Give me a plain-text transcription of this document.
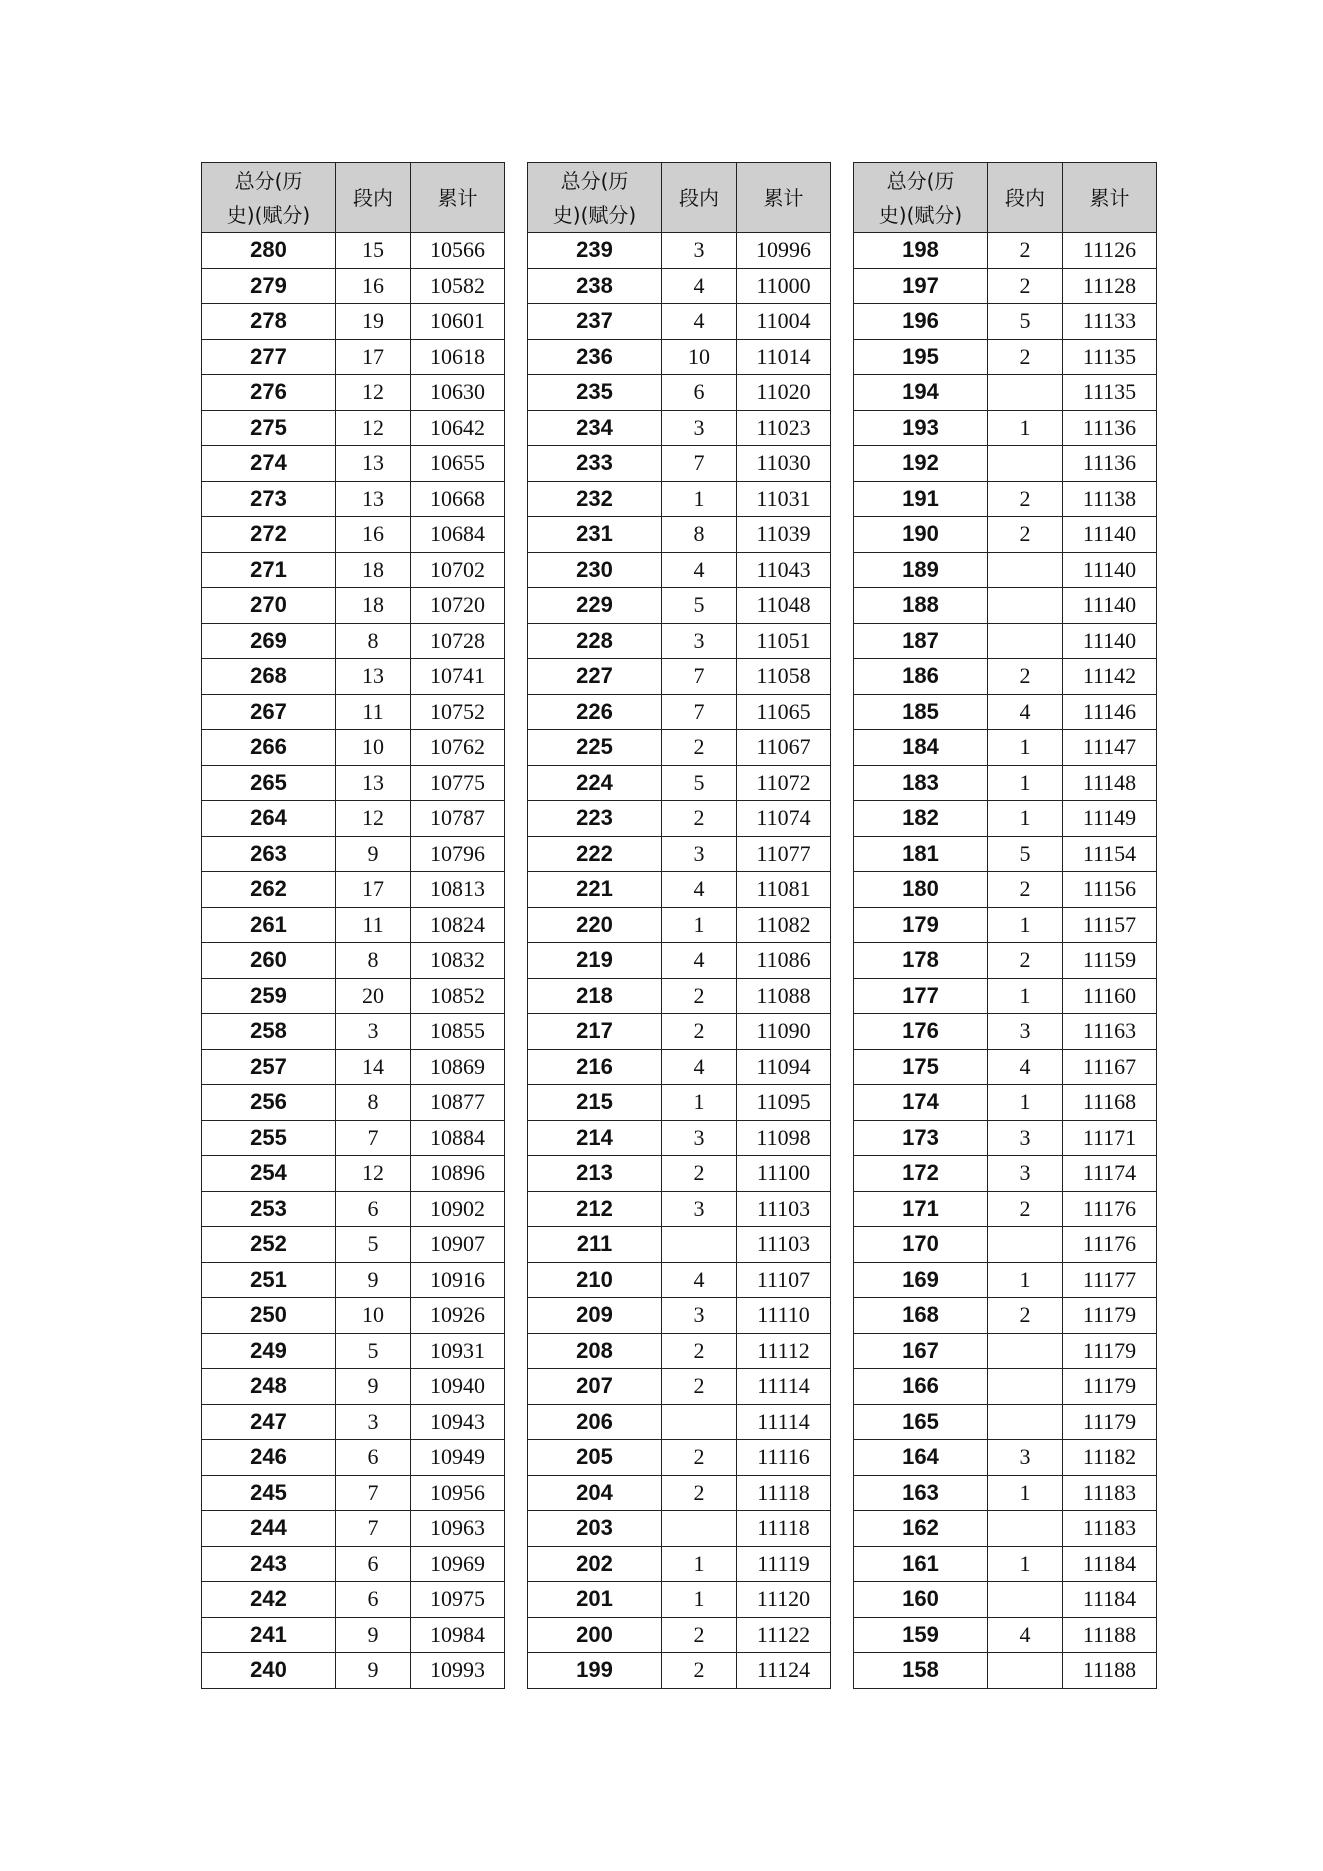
总分(历
史)(赋分)	段内	累计
280	15	10566
279	16	10582
278	19	10601
277	17	10618
276	12	10630
275	12	10642
274	13	10655
273	13	10668
272	16	10684
271	18	10702
270	18	10720
269	8	10728
268	13	10741
267	11	10752
266	10	10762
265	13	10775
264	12	10787
263	9	10796
262	17	10813
261	11	10824
260	8	10832
259	20	10852
258	3	10855
257	14	10869
256	8	10877
255	7	10884
254	12	10896
253	6	10902
252	5	10907
251	9	10916
250	10	10926
249	5	10931
248	9	10940
247	3	10943
246	6	10949
245	7	10956
244	7	10963
243	6	10969
242	6	10975
241	9	10984
240	9	10993
总分(历
史)(赋分)	段内	累计
239	3	10996
238	4	11000
237	4	11004
236	10	11014
235	6	11020
234	3	11023
233	7	11030
232	1	11031
231	8	11039
230	4	11043
229	5	11048
228	3	11051
227	7	11058
226	7	11065
225	2	11067
224	5	11072
223	2	11074
222	3	11077
221	4	11081
220	1	11082
219	4	11086
218	2	11088
217	2	11090
216	4	11094
215	1	11095
214	3	11098
213	2	11100
212	3	11103
211		11103
210	4	11107
209	3	11110
208	2	11112
207	2	11114
206		11114
205	2	11116
204	2	11118
203		11118
202	1	11119
201	1	11120
200	2	11122
199	2	11124
总分(历
史)(赋分)	段内	累计
198	2	11126
197	2	11128
196	5	11133
195	2	11135
194		11135
193	1	11136
192		11136
191	2	11138
190	2	11140
189		11140
188		11140
187		11140
186	2	11142
185	4	11146
184	1	11147
183	1	11148
182	1	11149
181	5	11154
180	2	11156
179	1	11157
178	2	11159
177	1	11160
176	3	11163
175	4	11167
174	1	11168
173	3	11171
172	3	11174
171	2	11176
170		11176
169	1	11177
168	2	11179
167		11179
166		11179
165		11179
164	3	11182
163	1	11183
162		11183
161	1	11184
160		11184
159	4	11188
158		11188
